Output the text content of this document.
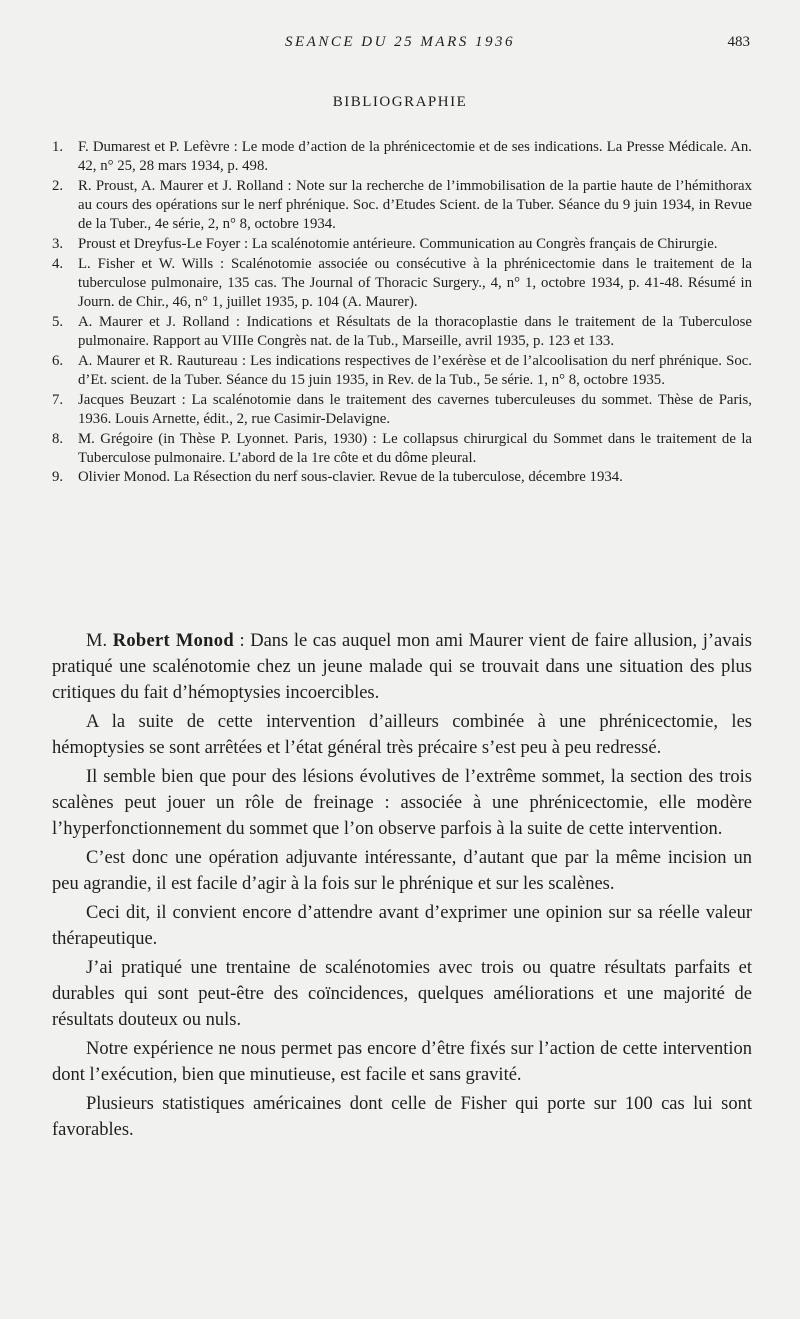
SEANCE DU 25 MARS 1936	483
BIBLIOGRAPHIE
1. F. Dumarest et P. Lefèvre : Le mode d’action de la phrénicectomie et de ses indications. La Presse Médicale. An. 42, n° 25, 28 mars 1934, p. 498.
2. R. Proust, A. Maurer et J. Rolland : Note sur la recherche de l’immobilisation de la partie haute de l’hémithorax au cours des opérations sur le nerf phrénique. Soc. d’Etudes Scient. de la Tuber. Séance du 9 juin 1934, in Revue de la Tuber., 4e série, 2, n° 8, octobre 1934.
3. Proust et Dreyfus-Le Foyer : La scalénotomie antérieure. Communication au Congrès français de Chirurgie.
4. L. Fisher et W. Wills : Scalénotomie associée ou consécutive à la phrénicectomie dans le traitement de la tuberculose pulmonaire, 135 cas. The Journal of Thoracic Surgery., 4, n° 1, octobre 1934, p. 41-48. Résumé in Journ. de Chir., 46, n° 1, juillet 1935, p. 104 (A. Maurer).
5. A. Maurer et J. Rolland : Indications et Résultats de la thoracoplastie dans le traitement de la Tuberculose pulmonaire. Rapport au VIIIe Congrès nat. de la Tub., Marseille, avril 1935, p. 123 et 133.
6. A. Maurer et R. Rautureau : Les indications respectives de l’exérèse et de l’alcoolisation du nerf phrénique. Soc. d’Et. scient. de la Tuber. Séance du 15 juin 1935, in Rev. de la Tub., 5e série. 1, n° 8, octobre 1935.
7. Jacques Beuzart : La scalénotomie dans le traitement des cavernes tuberculeuses du sommet. Thèse de Paris, 1936. Louis Arnette, édit., 2, rue Casimir-Delavigne.
8. M. Grégoire (in Thèse P. Lyonnet. Paris, 1930) : Le collapsus chirurgical du Sommet dans le traitement de la Tuberculose pulmonaire. L’abord de la 1re côte et du dôme pleural.
9. Olivier Monod. La Résection du nerf sous-clavier. Revue de la tuberculose, décembre 1934.

M. Robert Monod : Dans le cas auquel mon ami Maurer vient de faire allusion, j’avais pratiqué une scalénotomie chez un jeune malade qui se trouvait dans une situation des plus critiques du fait d’hémoptysies incoercibles.

A la suite de cette intervention d’ailleurs combinée à une phrénicectomie, les hémoptysies se sont arrêtées et l’état général très précaire s’est peu à peu redressé.

Il semble bien que pour des lésions évolutives de l’extrême sommet, la section des trois scalènes peut jouer un rôle de freinage : associée à une phrénicectomie, elle modère l’hyperfonctionnement du sommet que l’on observe parfois à la suite de cette intervention.

C’est donc une opération adjuvante intéressante, d’autant que par la même incision un peu agrandie, il est facile d’agir à la fois sur le phrénique et sur les scalènes.

Ceci dit, il convient encore d’attendre avant d’exprimer une opinion sur sa réelle valeur thérapeutique.

J’ai pratiqué une trentaine de scalénotomies avec trois ou quatre résultats parfaits et durables qui sont peut-être des coïncidences, quelques améliorations et une majorité de résultats douteux ou nuls.

Notre expérience ne nous permet pas encore d’être fixés sur l’action de cette intervention dont l’exécution, bien que minutieuse, est facile et sans gravité.

Plusieurs statistiques américaines dont celle de Fisher qui porte sur 100 cas lui sont favorables.
